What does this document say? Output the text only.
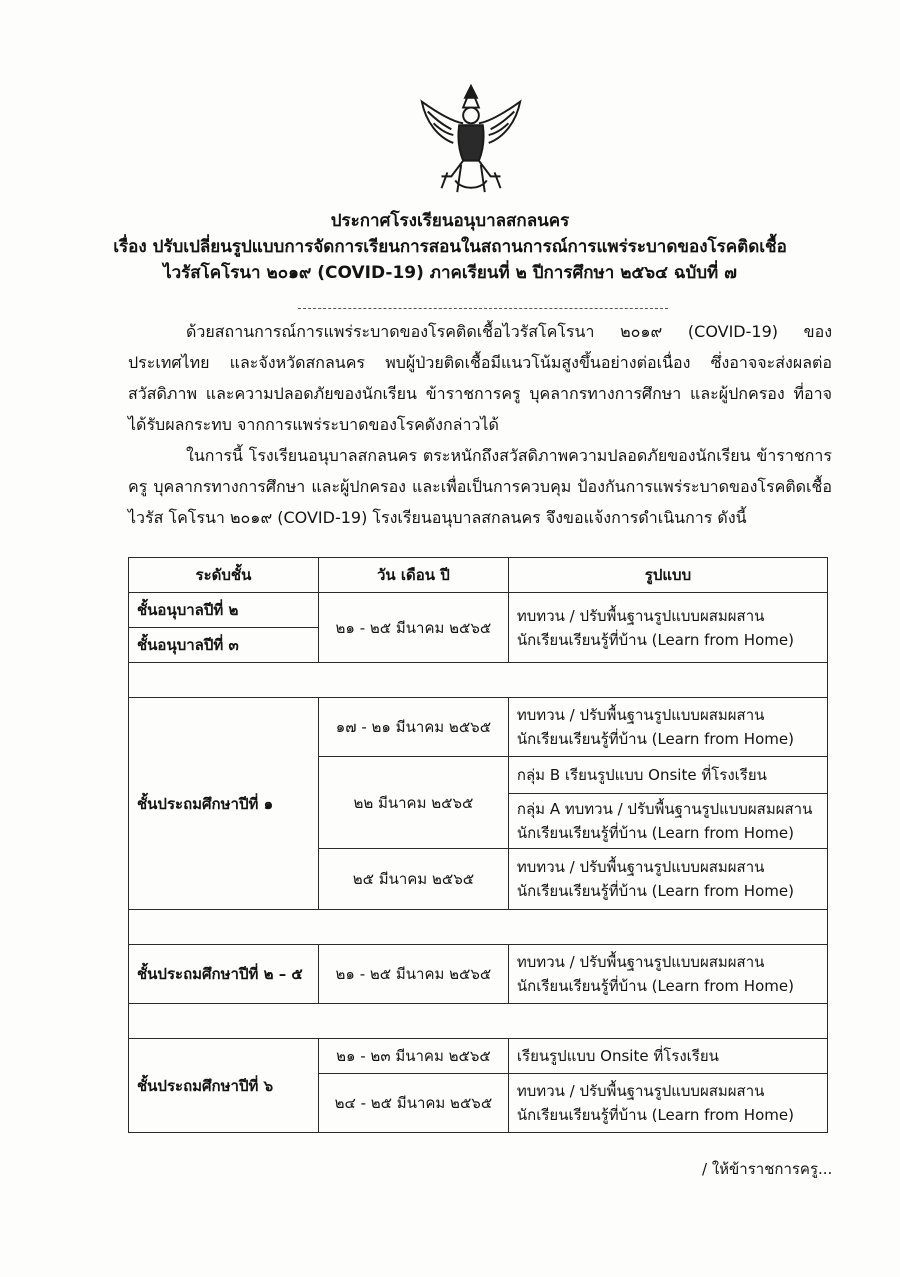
ประกาศโรงเรียนอนุบาลสกลนคร
เรื่อง ปรับเปลี่ยนรูปแบบการจัดการเรียนการสอนในสถานการณ์การแพร่ระบาดของโรคติดเชื้อ
ไวรัสโคโรนา ๒๐๑๙ (COVID-19) ภาคเรียนที่ ๒ ปีการศึกษา ๒๕๖๔ ฉบับที่ ๗

ด้วยสถานการณ์การแพร่ระบาดของโรคติดเชื้อไวรัสโคโรนา ๒๐๑๙ (COVID-19) ของประเทศไทย และจังหวัดสกลนคร พบผู้ป่วยติดเชื้อมีแนวโน้มสูงขึ้นอย่างต่อเนื่อง ซึ่งอาจจะส่งผลต่อสวัสดิภาพ และความปลอดภัยของนักเรียน ข้าราชการครู บุคลากรทางการศึกษา และผู้ปกครอง ที่อาจได้รับผลกระทบ จากการแพร่ระบาดของโรคดังกล่าวได้

ในการนี้ โรงเรียนอนุบาลสกลนคร ตระหนักถึงสวัสดิภาพความปลอดภัยของนักเรียน ข้าราชการครู บุคลากรทางการศึกษา และผู้ปกครอง และเพื่อเป็นการควบคุม ป้องกันการแพร่ระบาดของโรคติดเชื้อไวรัส โคโรนา ๒๐๑๙ (COVID-19) โรงเรียนอนุบาลสกลนคร จึงขอแจ้งการดำเนินการ ดังนี้

ระดับชั้น	วัน เดือน ปี	รูปแบบ
ชั้นอนุบาลปีที่ ๒	๒๑ - ๒๕ มีนาคม ๒๕๖๕	ทบทวน / ปรับพื้นฐานรูปแบบผสมผสาน
นักเรียนเรียนรู้ที่บ้าน (Learn from Home)

ชั้นอนุบาลปีที่ ๓		

ชั้นประถมศึกษาปีที่ ๑	๑๗ - ๒๑ มีนาคม ๒๕๖๕	ทบทวน / ปรับพื้นฐานรูปแบบผสมผสาน
นักเรียนเรียนรู้ที่บ้าน (Learn from Home)

	๒๒ มีนาคม ๒๕๖๕	กลุ่ม B เรียนรูปแบบ Onsite ที่โรงเรียน

		กลุ่ม A ทบทวน / ปรับพื้นฐานรูปแบบผสมผสาน
นักเรียนเรียนรู้ที่บ้าน (Learn from Home)

	๒๕ มีนาคม ๒๕๖๕	ทบทวน / ปรับพื้นฐานรูปแบบผสมผสาน
นักเรียนเรียนรู้ที่บ้าน (Learn from Home)

ชั้นประถมศึกษาปีที่ ๒ – ๕	๒๑ - ๒๕ มีนาคม ๒๕๖๕	ทบทวน / ปรับพื้นฐานรูปแบบผสมผสาน
นักเรียนเรียนรู้ที่บ้าน (Learn from Home)

ชั้นประถมศึกษาปีที่ ๖	๒๑ - ๒๓ มีนาคม ๒๕๖๕	เรียนรูปแบบ Onsite ที่โรงเรียน
	๒๔ - ๒๕ มีนาคม ๒๕๖๕	ทบทวน / ปรับพื้นฐานรูปแบบผสมผสาน
นักเรียนเรียนรู้ที่บ้าน (Learn from Home)
/ ให้ข้าราชการครู...
